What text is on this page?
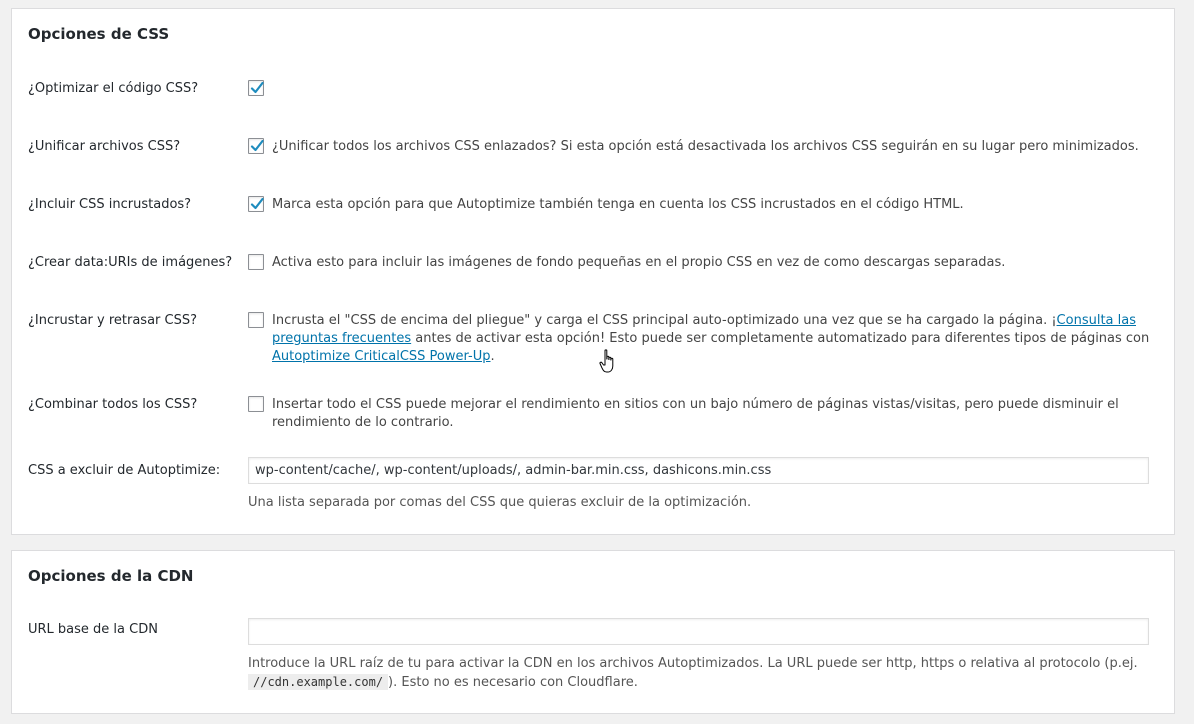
Opciones de CSS
¿Optimizar el código CSS?
¿Unificar archivos CSS?	¿Unificar todos los archivos CSS enlazados? Si esta opción está desactivada los archivos CSS seguirán en su lugar pero minimizados.
¿Incluir CSS incrustados?	Marca esta opción para que Autoptimize también tenga en cuenta los CSS incrustados en el código HTML.
¿Crear data:URIs de imágenes?	Activa esto para incluir las imágenes de fondo pequeñas en el propio CSS en vez de como descargas separadas.
¿Incrustar y retrasar CSS?	Incrusta el "CSS de encima del pliegue" y carga el CSS principal auto-optimizado una vez que se ha cargado la página. ¡Consulta las preguntas frecuentes antes de activar esta opción! Esto puede ser completamente automatizado para diferentes tipos de páginas con Autoptimize CriticalCSS Power-Up.
¿Combinar todos los CSS?	Insertar todo el CSS puede mejorar el rendimiento en sitios con un bajo número de páginas vistas/visitas, pero puede disminuir el rendimiento de lo contrario.
CSS a excluir de Autoptimize:	wp-content/cache/, wp-content/uploads/, admin-bar.min.css, dashicons.min.css
Una lista separada por comas del CSS que quieras excluir de la optimización.
Opciones de la CDN
URL base de la CDN
Introduce la URL raíz de tu para activar la CDN en los archivos Autoptimizados. La URL puede ser http, https o relativa al protocolo (p.ej. //cdn.example.com/ ). Esto no es necesario con Cloudflare.
